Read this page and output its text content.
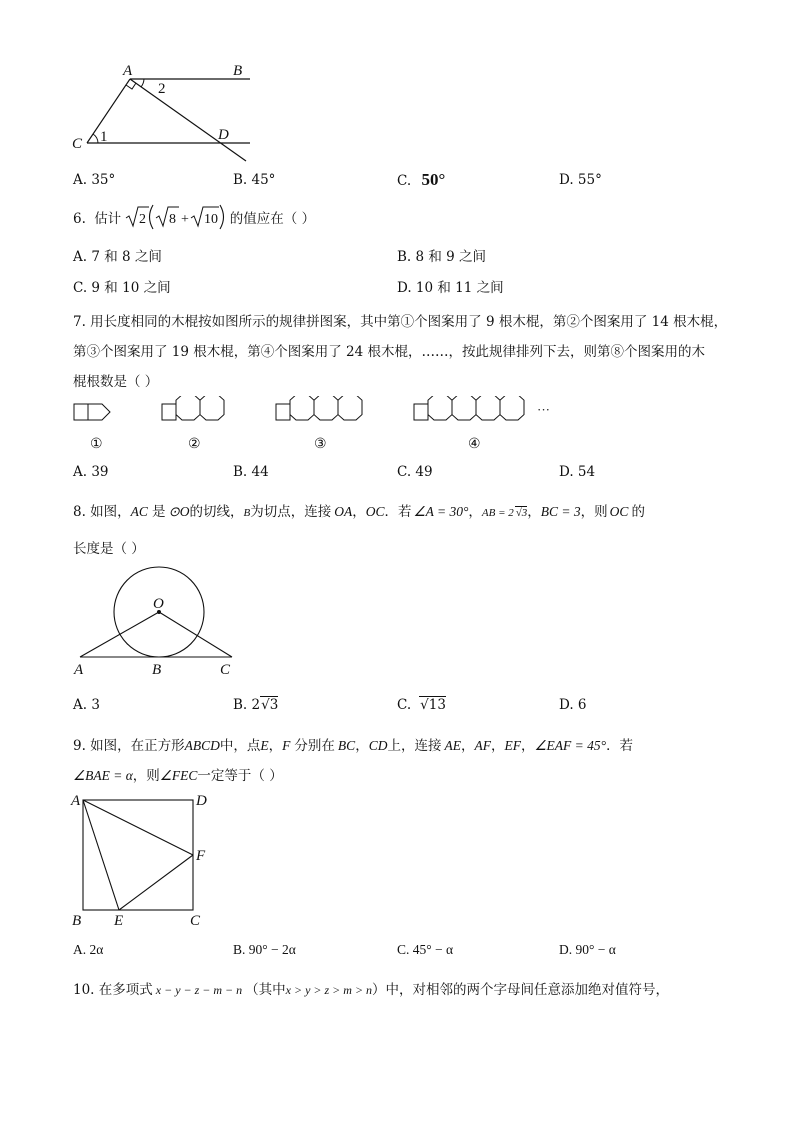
A	B
C
D
1
2
A. 35°	B. 45°	C. 50°	D. 55°
6. 估计 2 8 + 10 的值应在（ ）
A. 7 和 8 之间	B. 8 和 9 之间
C. 9 和 10 之间	D. 10 和 11 之间
7. 用长度相同的木棍按如图所示的规律拼图案，其中第①个图案用了 9 根木棍，第②个图案用了 14 根木棍，
第③个图案用了 19 根木棍，第④个图案用了 24 根木棍，……，按此规律排列下去，则第⑧个图案用的木
棍根数是（ ）
①	②	③	④
···
A. 39	B. 44	C. 49	D. 54
8. 如图，AC 是 ⊙O的切线，B为切点，连接 OA，OC．若 ∠A = 30°，AB = 2 √3，BC = 3，则 OC 的
长度是（ ）
O
A	B	C
A. 3	B. 2√3	C. √13	D. 6
9. 如图，在正方形ABCD中，点E，F 分别在 BC，CD上，连接 AE，AF，EF，∠EAF = 45°．若
∠BAE = α，则∠FEC一定等于（ ）
A	D
B E	C
F
A. 2α	B. 90° − 2α	C. 45° − α	D. 90° − α
10. 在多项式 x − y − z − m − n （其中x > y > z > m > n）中，对相邻的两个字母间任意添加绝对值符号，
